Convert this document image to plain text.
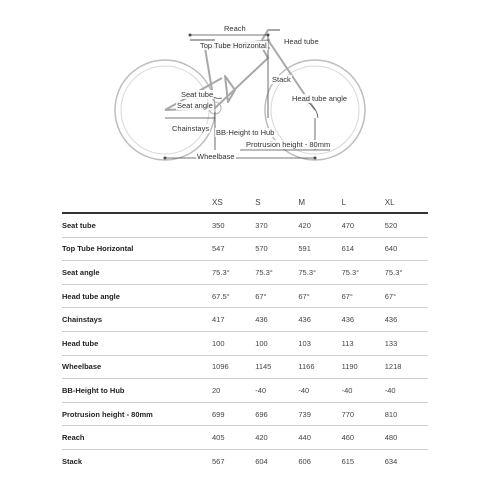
Reach
Top Tube Horizontal Head tube
Stack
Seat tube
Seat angle
Head tube angle
Chainstays BB-Height to Hub
Protrusion height - 80mm
Wheelbase
	XS	S	M	L	XL
Seat tube	350	370	420	470	520
Top Tube Horizontal	547	570	591	614	640
Seat angle	75.3°	75.3°	75.3°	75.3°	75.3°
Head tube angle	67.5°	67°	67°	67°	67°
Chainstays	417	436	436	436	436
Head tube	100	100	103	113	133
Wheelbase	1096	1145	1166	1190	1218
BB-Height to Hub	20	-40	-40	-40	-40
Protrusion height - 80mm	699	696	739	770	810
Reach	405	420	440	460	480
Stack	567	604	606	615	634
